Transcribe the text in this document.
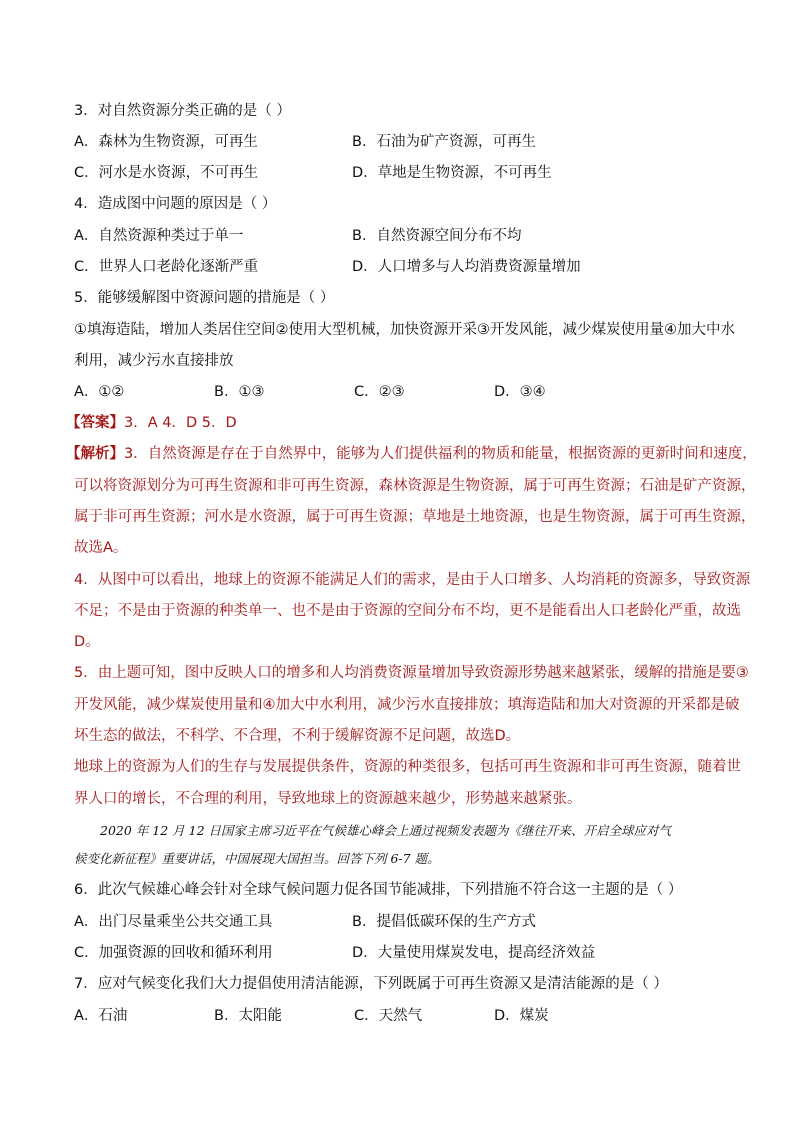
3．对自然资源分类正确的是（ ）
A．森林为生物资源，可再生	B．石油为矿产资源，可再生
C．河水是水资源，不可再生	D．草地是生物资源，不可再生
4．造成图中问题的原因是（ ）
A．自然资源种类过于单一	B．自然资源空间分布不均
C．世界人口老龄化逐渐严重	D．人口增多与人均消费资源量增加
5．能够缓解图中资源问题的措施是（ ）
①填海造陆，增加人类居住空间②使用大型机械，加快资源开采③开发风能，减少煤炭使用量④加大中水
利用，减少污水直接排放
A．①②	B．①③	C．②③	D．③④
【答案】3．A 4．D 5．D
【解析】3．自然资源是存在于自然界中，能够为人们提供福利的物质和能量，根据资源的更新时间和速度，
可以将资源划分为可再生资源和非可再生资源，森林资源是生物资源，属于可再生资源；石油是矿产资源，
属于非可再生资源；河水是水资源，属于可再生资源；草地是土地资源，也是生物资源，属于可再生资源，
故选A。
4．从图中可以看出，地球上的资源不能满足人们的需求，是由于人口增多、人均消耗的资源多，导致资源
不足；不是由于资源的种类单一、也不是由于资源的空间分布不均，更不是能看出人口老龄化严重，故选
D。
5．由上题可知，图中反映人口的增多和人均消费资源量增加导致资源形势越来越紧张，缓解的措施是要③
开发风能，减少煤炭使用量和④加大中水利用，减少污水直接排放；填海造陆和加大对资源的开采都是破
坏生态的做法，不科学、不合理，不利于缓解资源不足问题，故选D。
地球上的资源为人们的生存与发展提供条件，资源的种类很多，包括可再生资源和非可再生资源，随着世
界人口的增长，不合理的利用，导致地球上的资源越来越少，形势越来越紧张。
2020 年 12 月 12 日国家主席习近平在气候雄心峰会上通过视频发表题为《继往开来、开启全球应对气
候变化新征程》重要讲话，中国展现大国担当。回答下列 6-7 题。
6．此次气候雄心峰会针对全球气候问题力促各国节能减排，下列措施不符合这一主题的是（ ）
A．出门尽量乘坐公共交通工具	B．提倡低碳环保的生产方式
C．加强资源的回收和循环利用	D．大量使用煤炭发电，提高经济效益
7．应对气候变化我们大力提倡使用清洁能源，下列既属于可再生资源又是清洁能源的是（ ）
A．石油	B．太阳能	C．天然气	D．煤炭
